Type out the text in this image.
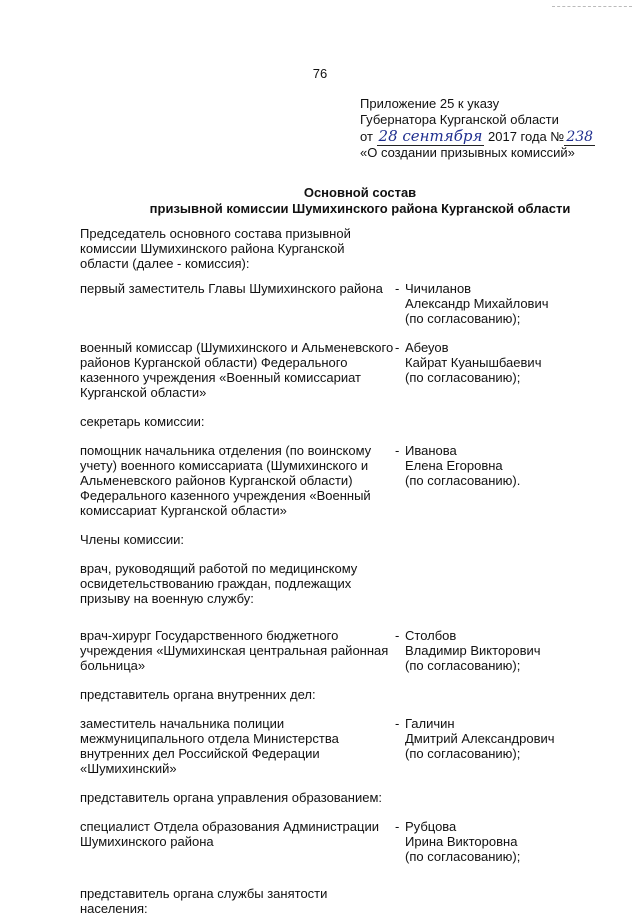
76
Приложение 25 к указу
Губернатора Курганской области
от 28 сентября 2017 года № 238
«О создании призывных комиссий»
Основной состав
призывной комиссии Шумихинского района Курганской области
Председатель основного состава призывной комиссии Шумихинского района Курганской области (далее - комиссия):
первый заместитель Главы Шумихинского района - Чичиланов
Александр Михайлович
(по согласованию);
военный комиссар (Шумихинского и Альменевского районов Курганской области) Федерального казенного учреждения «Военный комиссариат Курганской области»
- Абеуов
Кайрат Куанышбаевич
(по согласованию);
секретарь комиссии:
помощник начальника отделения (по воинскому учету) военного комиссариата (Шумихинского и Альменевского районов Курганской области) Федерального казенного учреждения «Военный комиссариат Курганской области»
- Иванова
Елена Егоровна
(по согласованию).
Члены комиссии:
врач, руководящий работой по медицинскому освидетельствованию граждан, подлежащих призыву на военную службу:
врач-хирург Государственного бюджетного учреждения «Шумихинская центральная районная больница»
- Столбов
Владимир Викторович
(по согласованию);
представитель органа внутренних дел:
заместитель начальника полиции межмуниципального отдела Министерства внутренних дел Российской Федерации «Шумихинский»
- Галичин
Дмитрий Александрович
(по согласованию);
представитель органа управления образованием:
специалист Отдела образования Администрации Шумихинского района
- Рубцова
Ирина Викторовна
(по согласованию);
представитель органа службы занятости населения:
